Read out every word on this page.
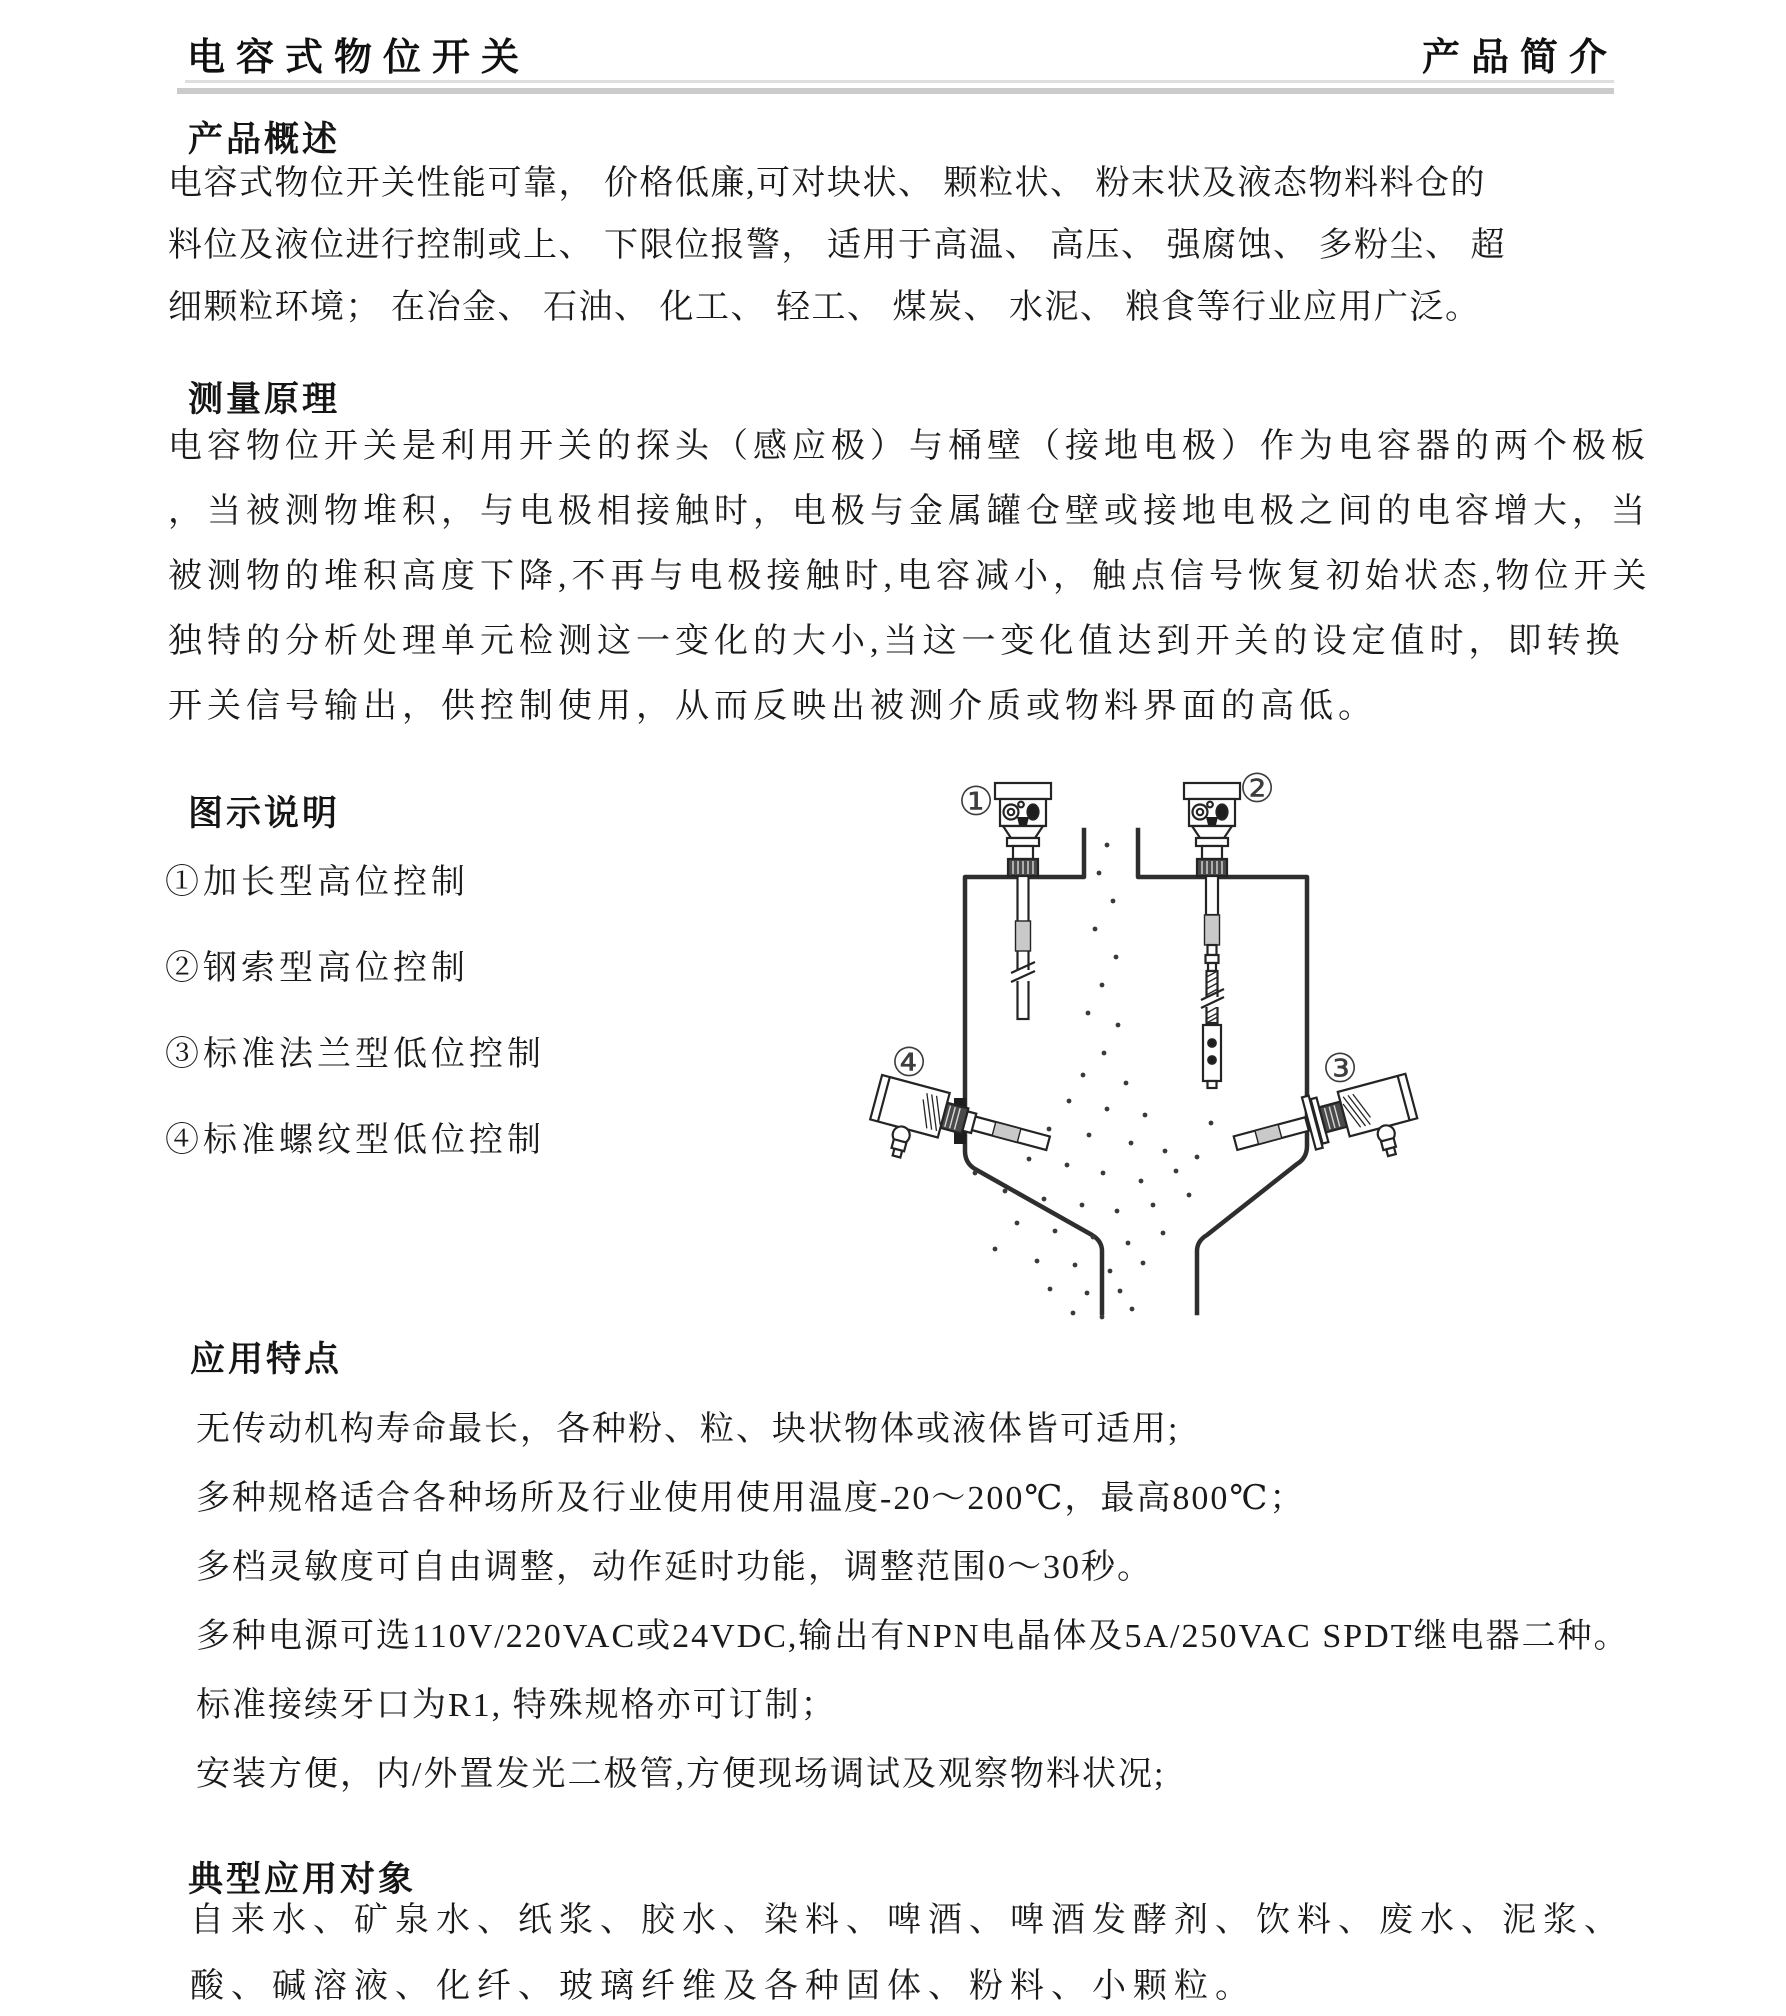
电容式物位开关	产品简介
产品概述
电容式物位开关性能可靠， 价格低廉,可对块状、 颗粒状、 粉末状及液态物料料仓的
料位及液位进行控制或上、 下限位报警， 适用于高温、 高压、 强腐蚀、 多粉尘、 超
细颗粒环境； 在冶金、 石油、 化工、 轻工、 煤炭、 水泥、 粮食等行业应用广泛。
测量原理
电容物位开关是利用开关的探头（感应极）与桶壁（接地电极）作为电容器的两个极板
，当被测物堆积，与电极相接触时，电极与金属罐仓壁或接地电极之间的电容增大，当
被测物的堆积高度下降,不再与电极接触时,电容减小，触点信号恢复初始状态,物位开关
独特的分析处理单元检测这一变化的大小,当这一变化值达到开关的设定值时，即转换
开关信号输出，供控制使用，从而反映出被测介质或物料界面的高低。
图示说明
①加长型高位控制
②钢索型高位控制
③标准法兰型低位控制
④标准螺纹型低位控制
①	②
③
④
应用特点
无传动机构寿命最长，各种粉、粒、块状物体或液体皆可适用;
多种规格适合各种场所及行业使用使用温度-20～200℃，最高800℃；
多档灵敏度可自由调整，动作延时功能，调整范围0～30秒。
多种电源可选110V/220VAC或24VDC,输出有NPN电晶体及5A/250VAC SPDT继电器二种。
标准接续牙口为R1, 特殊规格亦可订制；
安装方便，内/外置发光二极管,方便现场调试及观察物料状况;
典型应用对象
自来水、矿泉水、纸浆、胶水、染料、啤酒、啤酒发酵剂、饮料、废水、泥浆、
酸、碱溶液、化纤、玻璃纤维及各种固体、粉料、小颗粒。
